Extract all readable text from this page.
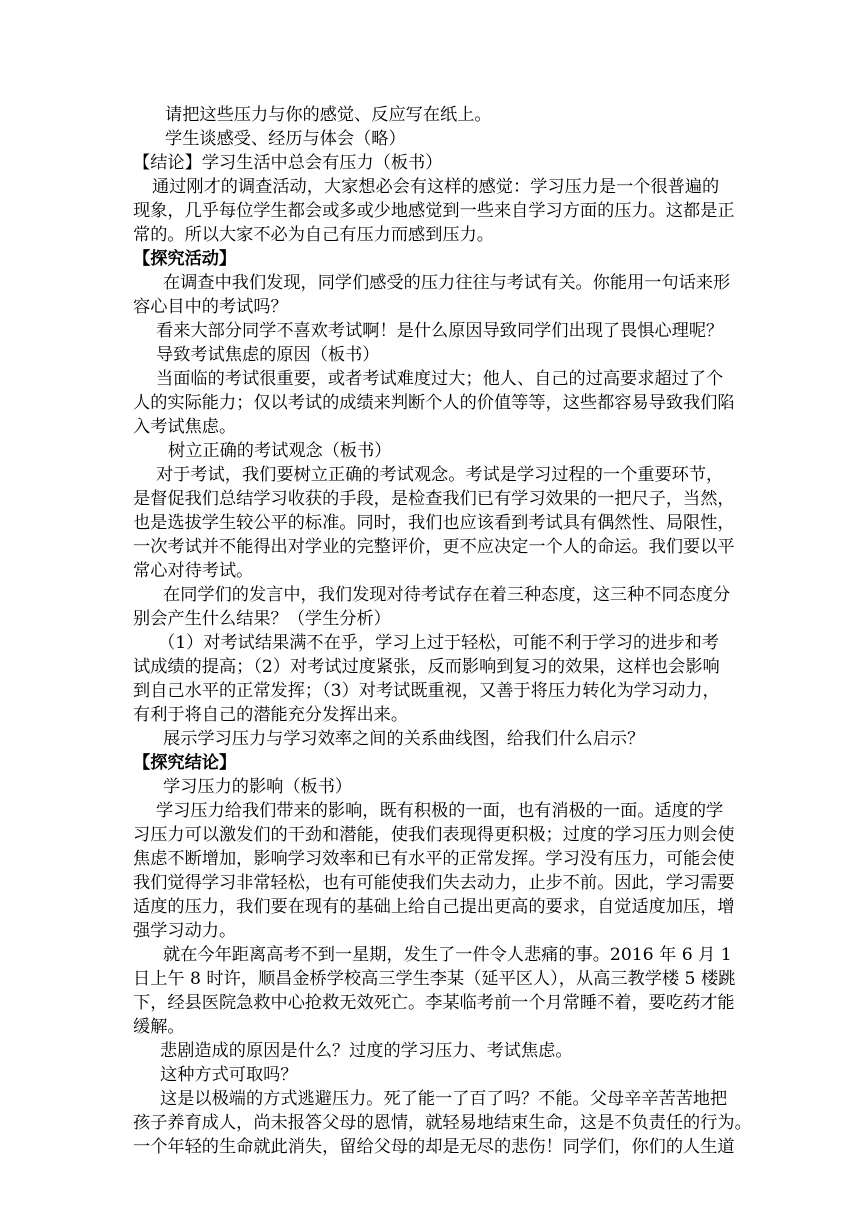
请把这些压力与你的感觉、反应写在纸上。
学生谈感受、经历与体会（略）
【结论】学习生活中总会有压力（板书）
通过刚才的调查活动，大家想必会有这样的感觉：学习压力是一个很普遍的
现象，几乎每位学生都会或多或少地感觉到一些来自学习方面的压力。这都是正
常的。所以大家不必为自己有压力而感到压力。
【探究活动】
在调查中我们发现，同学们感受的压力往往与考试有关。你能用一句话来形
容心目中的考试吗？
看来大部分同学不喜欢考试啊！是什么原因导致同学们出现了畏惧心理呢？
导致考试焦虑的原因（板书）
当面临的考试很重要，或者考试难度过大；他人、自己的过高要求超过了个
人的实际能力；仅以考试的成绩来判断个人的价值等等，这些都容易导致我们陷
入考试焦虑。
树立正确的考试观念（板书）
对于考试，我们要树立正确的考试观念。考试是学习过程的一个重要环节，
是督促我们总结学习收获的手段，是检查我们已有学习效果的一把尺子，当然，
也是选拔学生较公平的标准。同时，我们也应该看到考试具有偶然性、局限性，
一次考试并不能得出对学业的完整评价，更不应决定一个人的命运。我们要以平
常心对待考试。
在同学们的发言中，我们发现对待考试存在着三种态度，这三种不同态度分
别会产生什么结果？（学生分析）
（1）对考试结果满不在乎，学习上过于轻松，可能不利于学习的进步和考
试成绩的提高；（2）对考试过度紧张，反而影响到复习的效果，这样也会影响
到自己水平的正常发挥；（3）对考试既重视，又善于将压力转化为学习动力，
有利于将自己的潜能充分发挥出来。
展示学习压力与学习效率之间的关系曲线图，给我们什么启示？
【探究结论】
学习压力的影响（板书）
学习压力给我们带来的影响，既有积极的一面，也有消极的一面。适度的学
习压力可以激发们的干劲和潜能，使我们表现得更积极；过度的学习压力则会使
焦虑不断增加，影响学习效率和已有水平的正常发挥。学习没有压力，可能会使
我们觉得学习非常轻松，也有可能使我们失去动力，止步不前。因此，学习需要
适度的压力，我们要在现有的基础上给自己提出更高的要求，自觉适度加压，增
强学习动力。
就在今年距离高考不到一星期，发生了一件令人悲痛的事。2016 年 6 月 1
日上午 8 时许，顺昌金桥学校高三学生李某（延平区人），从高三教学楼 5 楼跳
下，经县医院急救中心抢救无效死亡。李某临考前一个月常睡不着，要吃药才能
缓解。
悲剧造成的原因是什么？过度的学习压力、考试焦虑。
这种方式可取吗？
这是以极端的方式逃避压力。死了能一了百了吗？不能。父母辛辛苦苦地把
孩子养育成人，尚未报答父母的恩情，就轻易地结束生命，这是不负责任的行为。
一个年轻的生命就此消失，留给父母的却是无尽的悲伤！同学们，你们的人生道
